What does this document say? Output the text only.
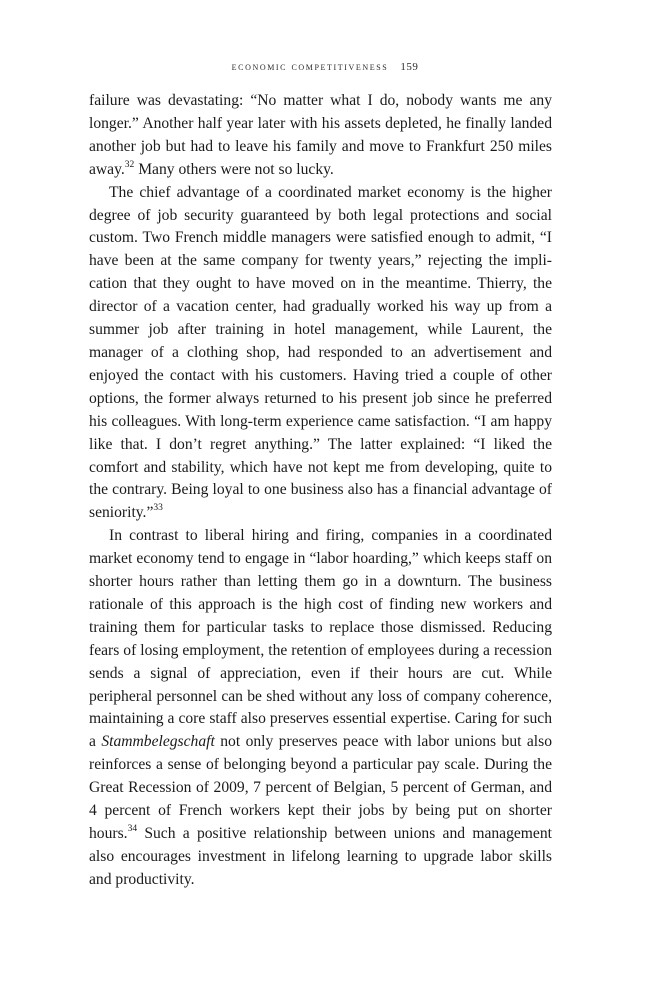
economic competitiveness 159

failure was devastating: “No matter what I do, nobody wants me any longer.” Another half year later with his assets depleted, he finally landed another job but had to leave his family and move to Frankfurt 250 miles away.$^{32}$ Many others were not so lucky.

The chief advantage of a coordinated market economy is the higher degree of job security guaranteed by both legal protections and social custom. Two French middle managers were satisfied enough to admit, “I have been at the same company for twenty years,” rejecting the implication that they ought to have moved on in the meantime. Thierry, the director of a vacation center, had gradually worked his way up from a summer job after training in hotel management, while Laurent, the manager of a clothing shop, had responded to an advertisement and enjoyed the contact with his customers. Having tried a couple of other options, the former always returned to his present job since he preferred his colleagues. With long-term experience came satisfaction. “I am happy like that. I don’t regret anything.” The latter explained: “I liked the comfort and stability, which have not kept me from developing, quite to the contrary. Being loyal to one business also has a financial advantage of seniority.”$^{33}$

In contrast to liberal hiring and firing, companies in a coordinated market economy tend to engage in “labor hoarding,” which keeps staff on shorter hours rather than letting them go in a downturn. The business rationale of this approach is the high cost of finding new workers and training them for particular tasks to replace those dismissed. Reducing fears of losing employment, the retention of employees during a recession sends a signal of appreciation, even if their hours are cut. While peripheral personnel can be shed without any loss of company coherence, maintaining a core staff also preserves essential expertise. Caring for such a Stammbelegschaft not only preserves peace with labor unions but also reinforces a sense of belonging beyond a particular pay scale. During the Great Recession of 2009, 7 percent of Belgian, 5 percent of German, and 4 percent of French workers kept their jobs by being put on shorter hours.$^{34}$ Such a positive relationship between unions and management also encourages investment in lifelong learning to upgrade labor skills and productivity.
